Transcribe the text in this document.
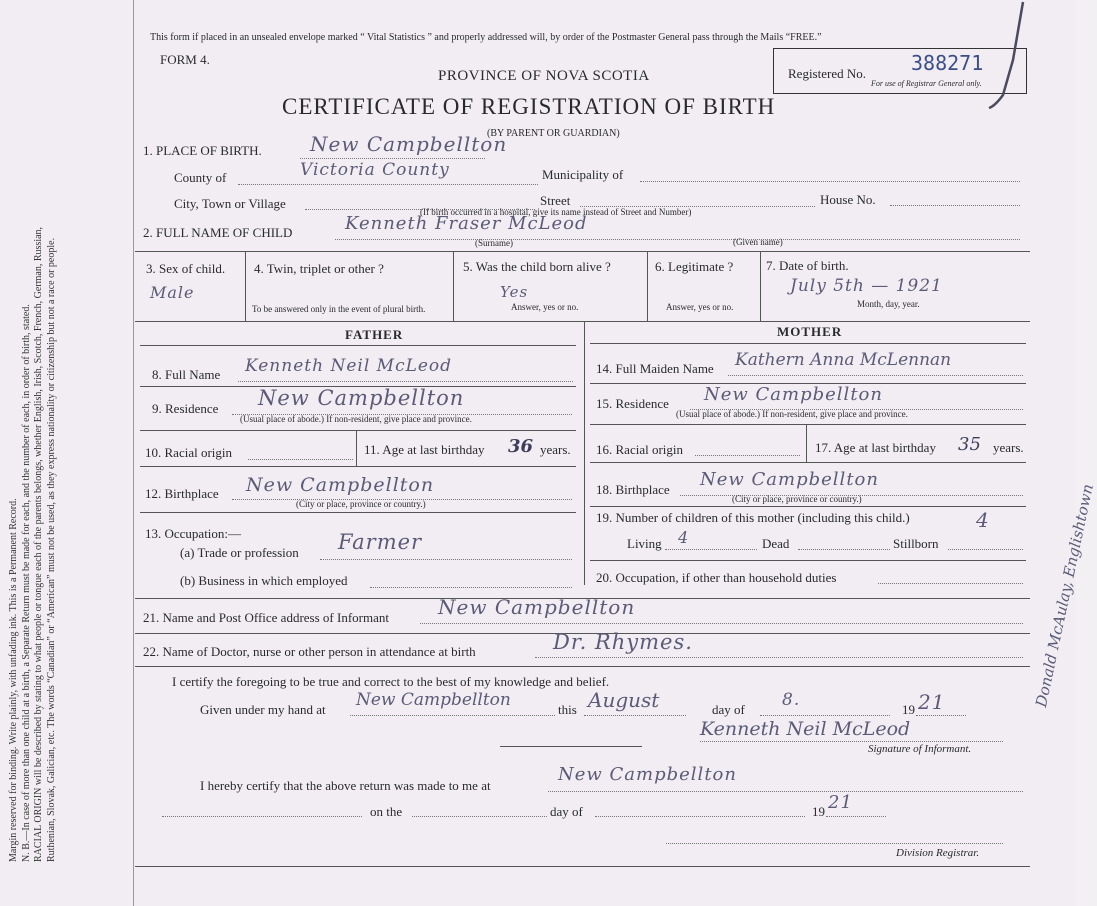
Margin reserved for binding. Write plainly, with unfading ink. This is a Permanent Record. N. B.—In case of more than one child at a birth, a Separate Return must be made for each, and the number of each, in order of birth, stated. RACIAL ORIGIN will be described by stating to what people or tongue each of the parents belongs, whether English, Irish, Scotch, French, German, Russian, Ruthenian, Slovak, Galician, etc. The words “Canadian” or “American” must not be used, as they express nationality or citizenship but not a race or people.
This form if placed in an unsealed envelope marked “ Vital Statistics ” and properly addressed will, by order of the Postmaster General pass through the Mails “FREE.”
FORM 4.
PROVINCE OF NOVA SCOTIA
CERTIFICATE OF REGISTRATION OF BIRTH
(BY PARENT OR GUARDIAN)
Registered No. 388271
For use of Registrar General only.
1. PLACE OF BIRTH. New Campbellton
County of	Victoria County	Municipality of
City, Town or Village	Street	House No.
(If birth occurred in a hospital, give its name instead of Street and Number)
2. FULL NAME OF CHILD	Kenneth Fraser McLeod
(Surname)	(Given name)
3. Sex of child.
Male
4. Twin, triplet or other ?
To be answered only in the event of plural birth.
5. Was the child born alive ?
Yes
Answer, yes or no.
6. Legitimate ?
Answer, yes or no.
7. Date of birth.
July 5th — 1921
Month, day, year.
FATHER	MOTHER
8. Full Name Kenneth Neil McLeod
9. Residence New Campbellton
(Usual place of abode.) If non-resident, give place and province.
10. Racial origin	11. Age at last birthday 36 years.
12. Birthplace New Campbellton
(City or place, province or country.)
13. Occupation:—
(a) Trade or profession Farmer
(b) Business in which employed
14. Full Maiden Name Kathern Anna McLennan
15. Residence New Campbellton
(Usual place of abode.) If non-resident, give place and province.
16. Racial origin	17. Age at last birthday 35 years.
18. Birthplace New Campbellton
(City or place, province or country.)
19. Number of children of this mother (including this child.)	4
Living 4	Dead	Stillborn
20. Occupation, if other than household duties
21. Name and Post Office address of Informant New Campbellton
22. Name of Doctor, nurse or other person in attendance at birth	Dr. Rhymes.
I certify the foregoing to be true and correct to the best of my knowledge and belief.
Given under my hand at New Campbellton	this August	day of 8.	19 21
Kenneth Neil McLeod
Signature of Informant.
I hereby certify that the above return was made to me at
New Campbellton
on the	day of	19 21
Division Registrar.
Donald McAulay, Englishtown
